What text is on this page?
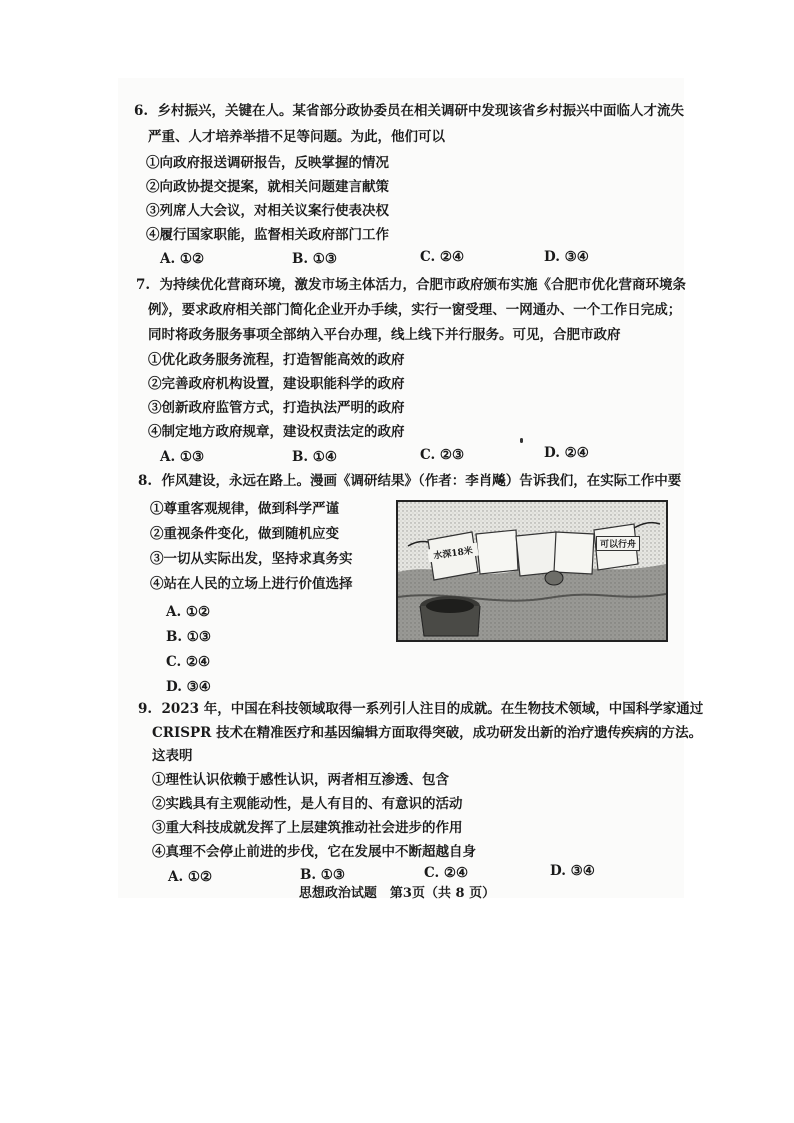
6. 乡村振兴，关键在人。某省部分政协委员在相关调研中发现该省乡村振兴中面临人才流失
严重、人才培养举措不足等问题。为此，他们可以
①向政府报送调研报告，反映掌握的情况
②向政协提交提案，就相关问题建言献策
③列席人大会议，对相关议案行使表决权
④履行国家职能，监督相关政府部门工作
A. ①②	B. ①③	C. ②④	D. ③④
7. 为持续优化营商环境，激发市场主体活力，合肥市政府颁布实施《合肥市优化营商环境条
例》，要求政府相关部门简化企业开办手续，实行一窗受理、一网通办、一个工作日完成；
同时将政务服务事项全部纳入平台办理，线上线下并行服务。可见，合肥市政府
①优化政务服务流程，打造智能高效的政府
②完善政府机构设置，建设职能科学的政府
③创新政府监管方式，打造执法严明的政府
④制定地方政府规章，建设权责法定的政府
A. ①③	B. ①④	C. ②③	D. ②④
8. 作风建设，永远在路上。漫画《调研结果》（作者：李肖飚）告诉我们，在实际工作中要
①尊重客观规律，做到科学严谨
②重视条件变化，做到随机应变
③一切从实际出发，坚持求真务实
④站在人民的立场上进行价值选择
A. ①②
B. ①③
C. ②④
D. ③④
水深18米
可以行舟
9. 2023 年，中国在科技领域取得一系列引人注目的成就。在生物技术领域，中国科学家通过
CRISPR 技术在精准医疗和基因编辑方面取得突破，成功研发出新的治疗遗传疾病的方法。
这表明
①理性认识依赖于感性认识，两者相互渗透、包含
②实践具有主观能动性，是人有目的、有意识的活动
③重大科技成就发挥了上层建筑推动社会进步的作用
④真理不会停止前进的步伐，它在发展中不断超越自身
A. ①②	B. ①③	C. ②④	D. ③④
思想政治试题　第3页（共 8 页）
